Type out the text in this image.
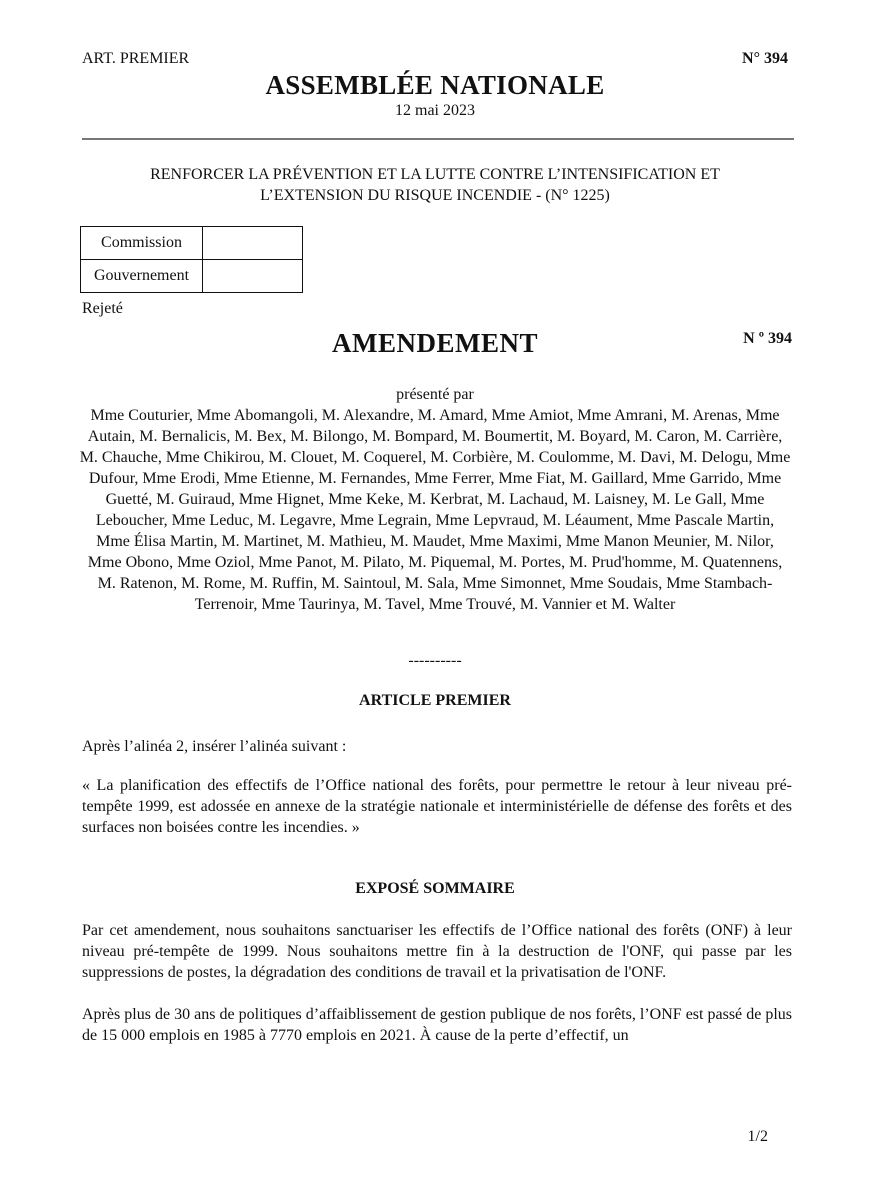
ART. PREMIER	N° 394
ASSEMBLÉE NATIONALE
12 mai 2023
RENFORCER LA PRÉVENTION ET LA LUTTE CONTRE L’INTENSIFICATION ET L’EXTENSION DU RISQUE INCENDIE - (N° 1225)
Commission	
Gouvernement	
Rejeté
AMENDEMENT	N º 394
présenté par
Mme Couturier, Mme Abomangoli, M. Alexandre, M. Amard, Mme Amiot, Mme Amrani, M. Arenas, Mme Autain, M. Bernalicis, M. Bex, M. Bilongo, M. Bompard, M. Boumertit, M. Boyard, M. Caron, M. Carrière, M. Chauche, Mme Chikirou, M. Clouet, M. Coquerel, M. Corbière, M. Coulomme, M. Davi, M. Delogu, Mme Dufour, Mme Erodi, Mme Etienne, M. Fernandes, Mme Ferrer, Mme Fiat, M. Gaillard, Mme Garrido, Mme Guetté, M. Guiraud, Mme Hignet, Mme Keke, M. Kerbrat, M. Lachaud, M. Laisney, M. Le Gall, Mme Leboucher, Mme Leduc, M. Legavre, Mme Legrain, Mme Lepvraud, M. Léaument, Mme Pascale Martin, Mme Élisa Martin, M. Martinet, M. Mathieu, M. Maudet, Mme Maximi, Mme Manon Meunier, M. Nilor, Mme Obono, Mme Oziol, Mme Panot, M. Pilato, M. Piquemal, M. Portes, M. Prud'homme, M. Quatennens, M. Ratenon, M. Rome, M. Ruffin, M. Saintoul, M. Sala, Mme Simonnet, Mme Soudais, Mme Stambach-Terrenoir, Mme Taurinya, M. Tavel, Mme Trouvé, M. Vannier et M. Walter
----------
ARTICLE PREMIER
Après l’alinéa 2, insérer l’alinéa suivant :
« La planification des effectifs de l’Office national des forêts, pour permettre le retour à leur niveau pré-tempête 1999, est adossée en annexe de la stratégie nationale et interministérielle de défense des forêts et des surfaces non boisées contre les incendies. »
EXPOSÉ SOMMAIRE
Par cet amendement, nous souhaitons sanctuariser les effectifs de l’Office national des forêts (ONF) à leur niveau pré-tempête de 1999. Nous souhaitons mettre fin à la destruction de l'ONF, qui passe par les suppressions de postes, la dégradation des conditions de travail et la privatisation de l'ONF.
Après plus de 30 ans de politiques d’affaiblissement de gestion publique de nos forêts, l’ONF est passé de plus de 15 000 emplois en 1985 à 7770 emplois en 2021. À cause de la perte d’effectif, un
1/2
